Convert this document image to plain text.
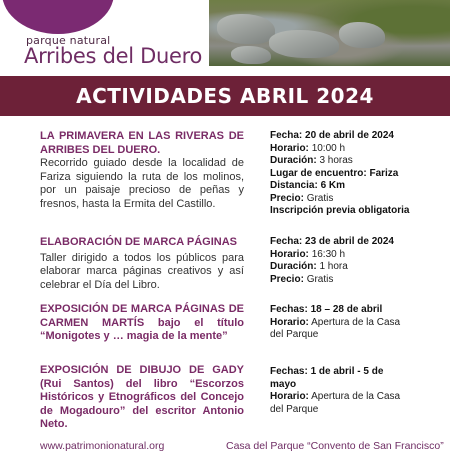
parque natural
Arribes del Duero
ACTIVIDADES ABRIL 2024
LA PRIMAVERA EN LAS RIVERAS DE ARRIBES DEL DUERO.
Recorrido guiado desde la localidad de Fariza siguiendo la ruta de los molinos, por un paisaje precioso de peñas y fresnos, hasta la Ermita del Castillo.
Fecha: 20 de abril de 2024
Horario: 10:00 h
Duración: 3 horas
Lugar de encuentro: Fariza
Distancia: 6 Km
Precio: Gratis
Inscripción previa obligatoria
ELABORACIÓN DE MARCA PÁGINAS
Taller dirigido a todos los públicos para elaborar marca páginas creativos y así celebrar el Día del Libro.
Fecha: 23 de abril de 2024
Horario: 16:30 h
Duración: 1 hora
Precio: Gratis
EXPOSICIÓN DE MARCA PÁGINAS DE CARMEN MARTÍS bajo el título “Monigotes y … magia de la mente”
Fechas: 18 – 28 de abril
Horario: Apertura de la Casa del Parque
EXPOSICIÓN DE DIBUJO DE GADY (Rui Santos) del libro “Escorzos Históricos y Etnográficos del Concejo de Mogadouro” del escritor Antonio Neto.
Fechas: 1 de abril - 5 de mayo
Horario: Apertura de la Casa del Parque
www.patrimonionatural.org	Casa del Parque “Convento de San Francisco”
